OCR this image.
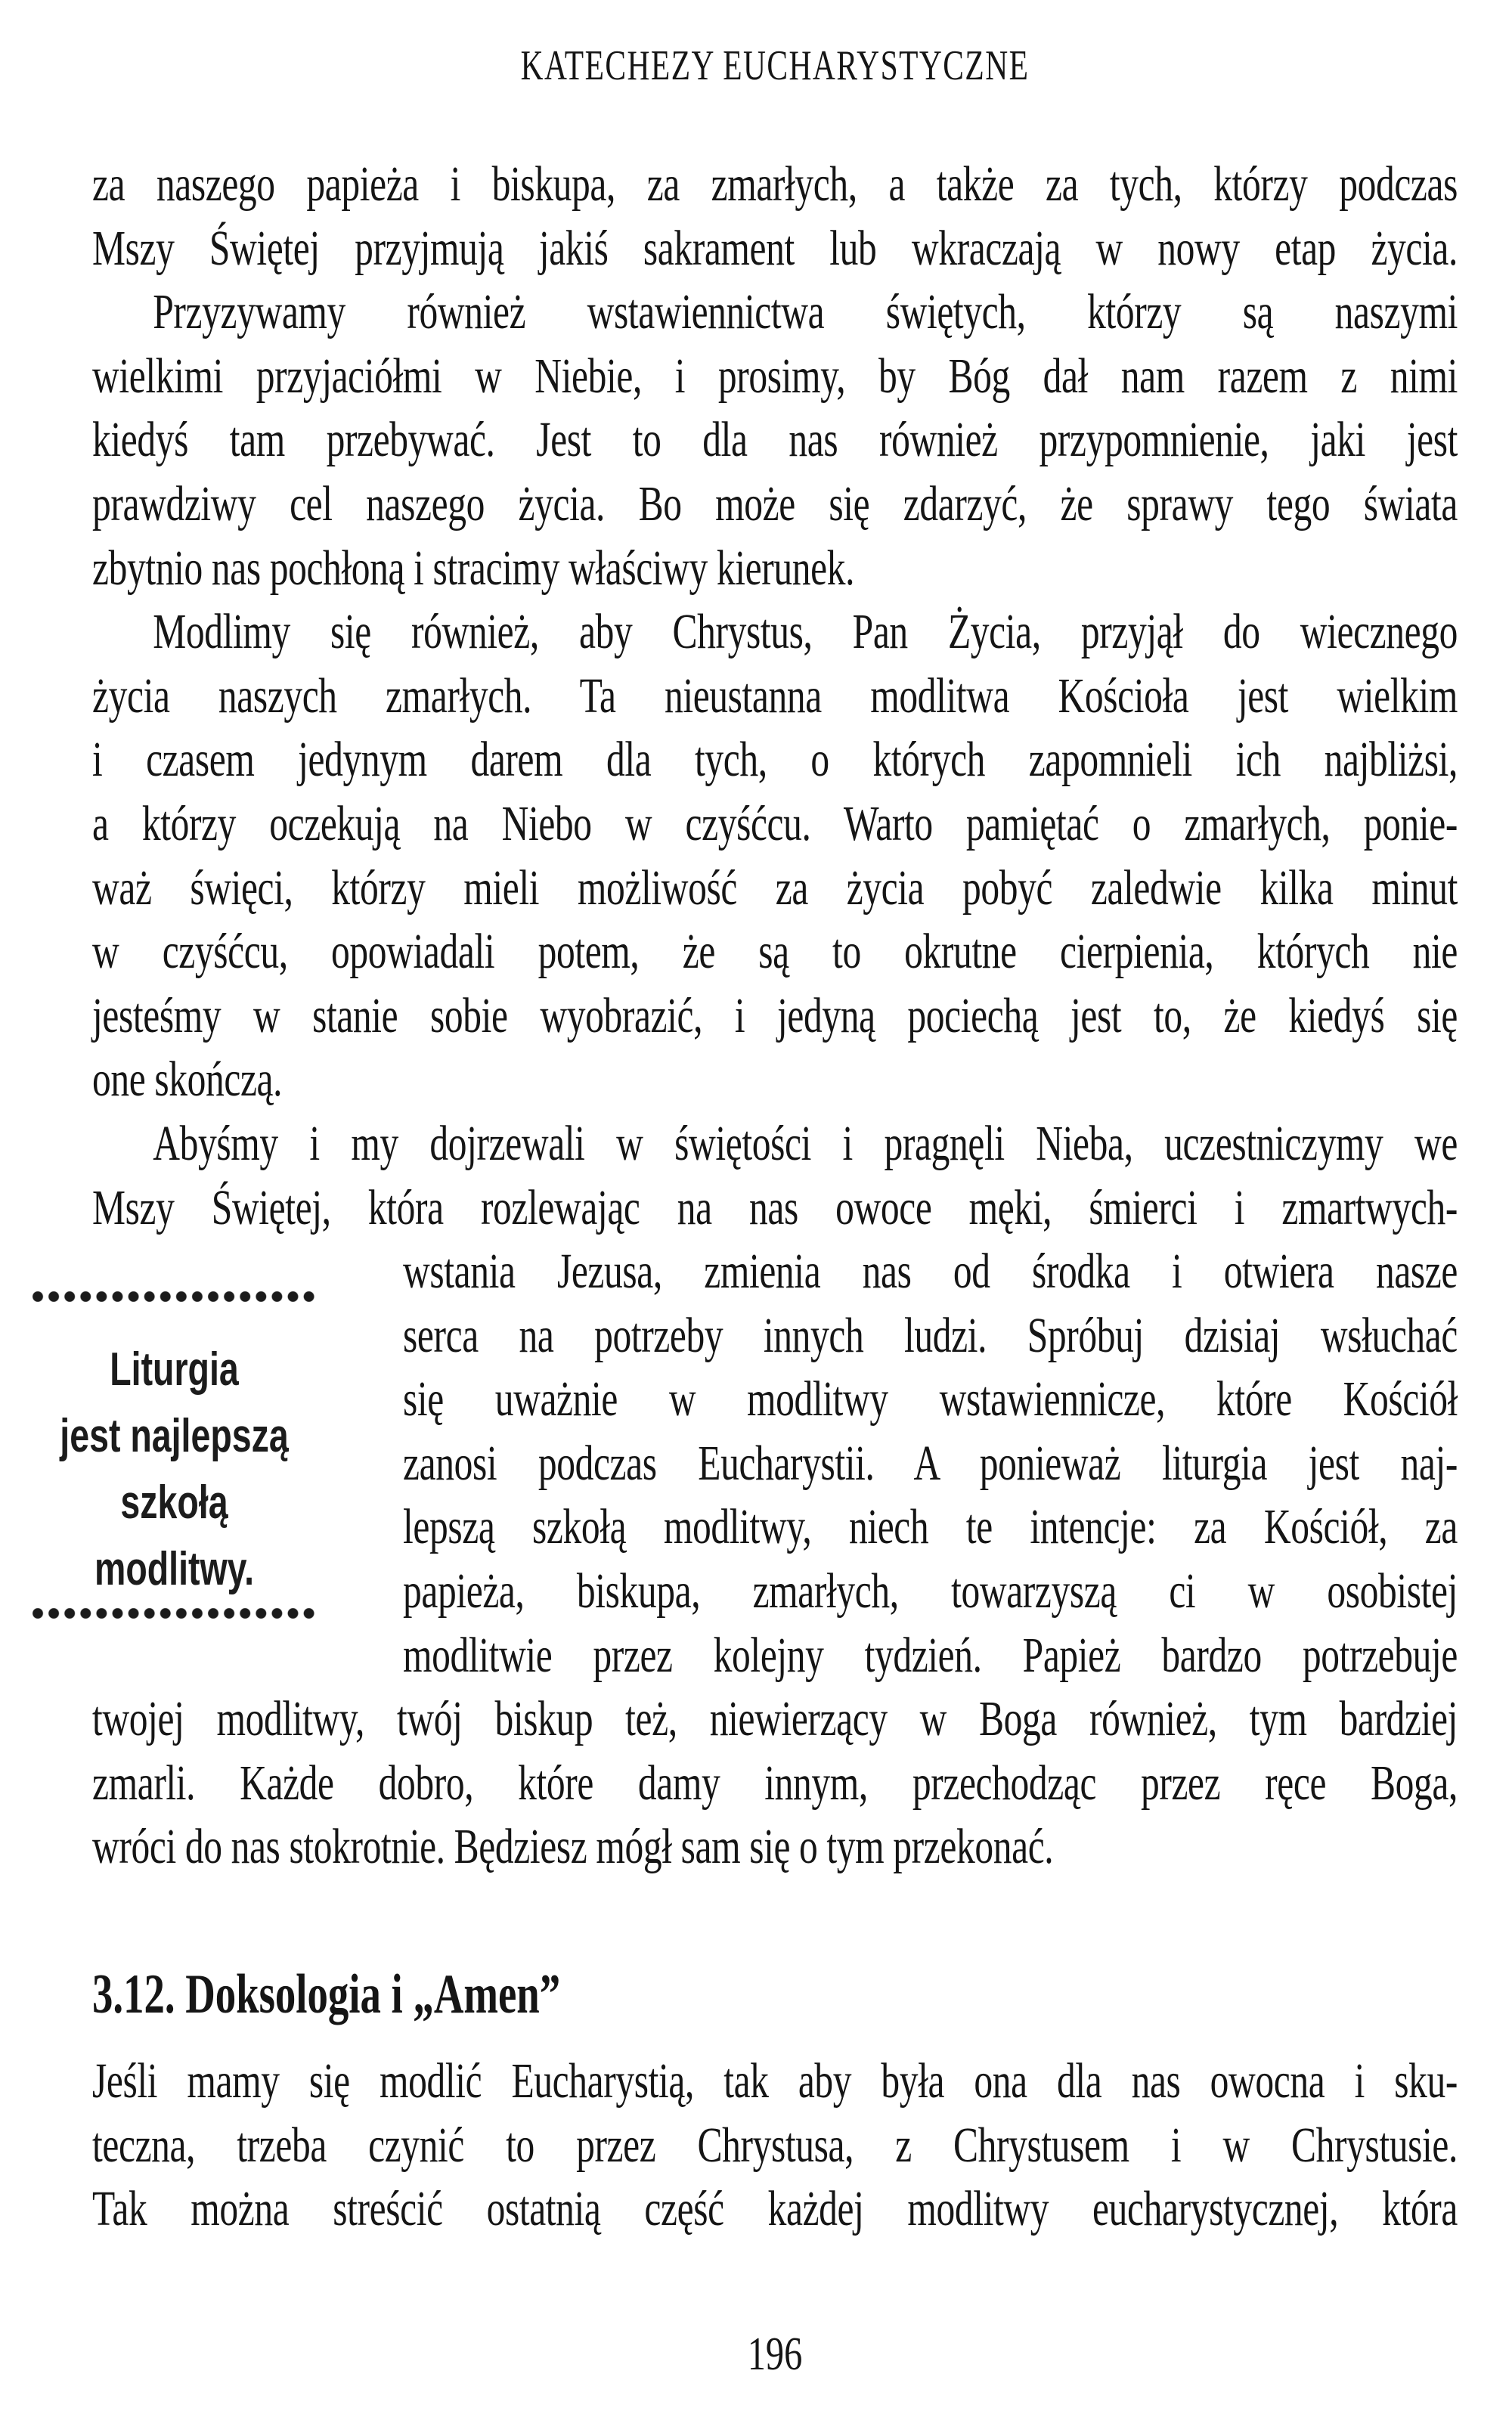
KATECHEZY EUCHARYSTYCZNE
za naszego papieża i biskupa, za zmarłych, a także za tych, którzy podczas
Mszy Świętej przyjmują jakiś sakrament lub wkraczają w nowy etap życia.
Przyzywamy również wstawiennictwa świętych, którzy są naszymi
wielkimi przyjaciółmi w Niebie, i prosimy, by Bóg dał nam razem z nimi
kiedyś tam przebywać. Jest to dla nas również przypomnienie, jaki jest
prawdziwy cel naszego życia. Bo może się zdarzyć, że sprawy tego świata
zbytnio nas pochłoną i stracimy właściwy kierunek.
Modlimy się również, aby Chrystus, Pan Życia, przyjął do wiecznego
życia naszych zmarłych. Ta nieustanna modlitwa Kościoła jest wielkim
i czasem jedynym darem dla tych, o których zapomnieli ich najbliżsi,
a którzy oczekują na Niebo w czyśćcu. Warto pamiętać o zmarłych, ponie-
waż święci, którzy mieli możliwość za życia pobyć zaledwie kilka minut
w czyśćcu, opowiadali potem, że są to okrutne cierpienia, których nie
jesteśmy w stanie sobie wyobrazić, i jedyną pociechą jest to, że kiedyś się
one skończą.
Abyśmy i my dojrzewali w świętości i pragnęli Nieba, uczestniczymy we
Mszy Świętej, która rozlewając na nas owoce męki, śmierci i zmartwych-
wstania Jezusa, zmienia nas od środka i otwiera nasze
serca na potrzeby innych ludzi. Spróbuj dzisiaj wsłuchać
się uważnie w modlitwy wstawiennicze, które Kościół
zanosi podczas Eucharystii. A ponieważ liturgia jest naj-
lepszą szkołą modlitwy, niech te intencje: za Kościół, za
papieża, biskupa, zmarłych, towarzyszą ci w osobistej
modlitwie przez kolejny tydzień. Papież bardzo potrzebuje
twojej modlitwy, twój biskup też, niewierzący w Boga również, tym bardziej
zmarli. Każde dobro, które damy innym, przechodząc przez ręce Boga,
wróci do nas stokrotnie. Będziesz mógł sam się o tym przekonać.
Liturgia
jest najlepszą
szkołą
modlitwy.
3.12. Doksologia i „Amen”
Jeśli mamy się modlić Eucharystią, tak aby była ona dla nas owocna i sku-
teczna, trzeba czynić to przez Chrystusa, z Chrystusem i w Chrystusie.
Tak można streścić ostatnią część każdej modlitwy eucharystycznej, która
196
